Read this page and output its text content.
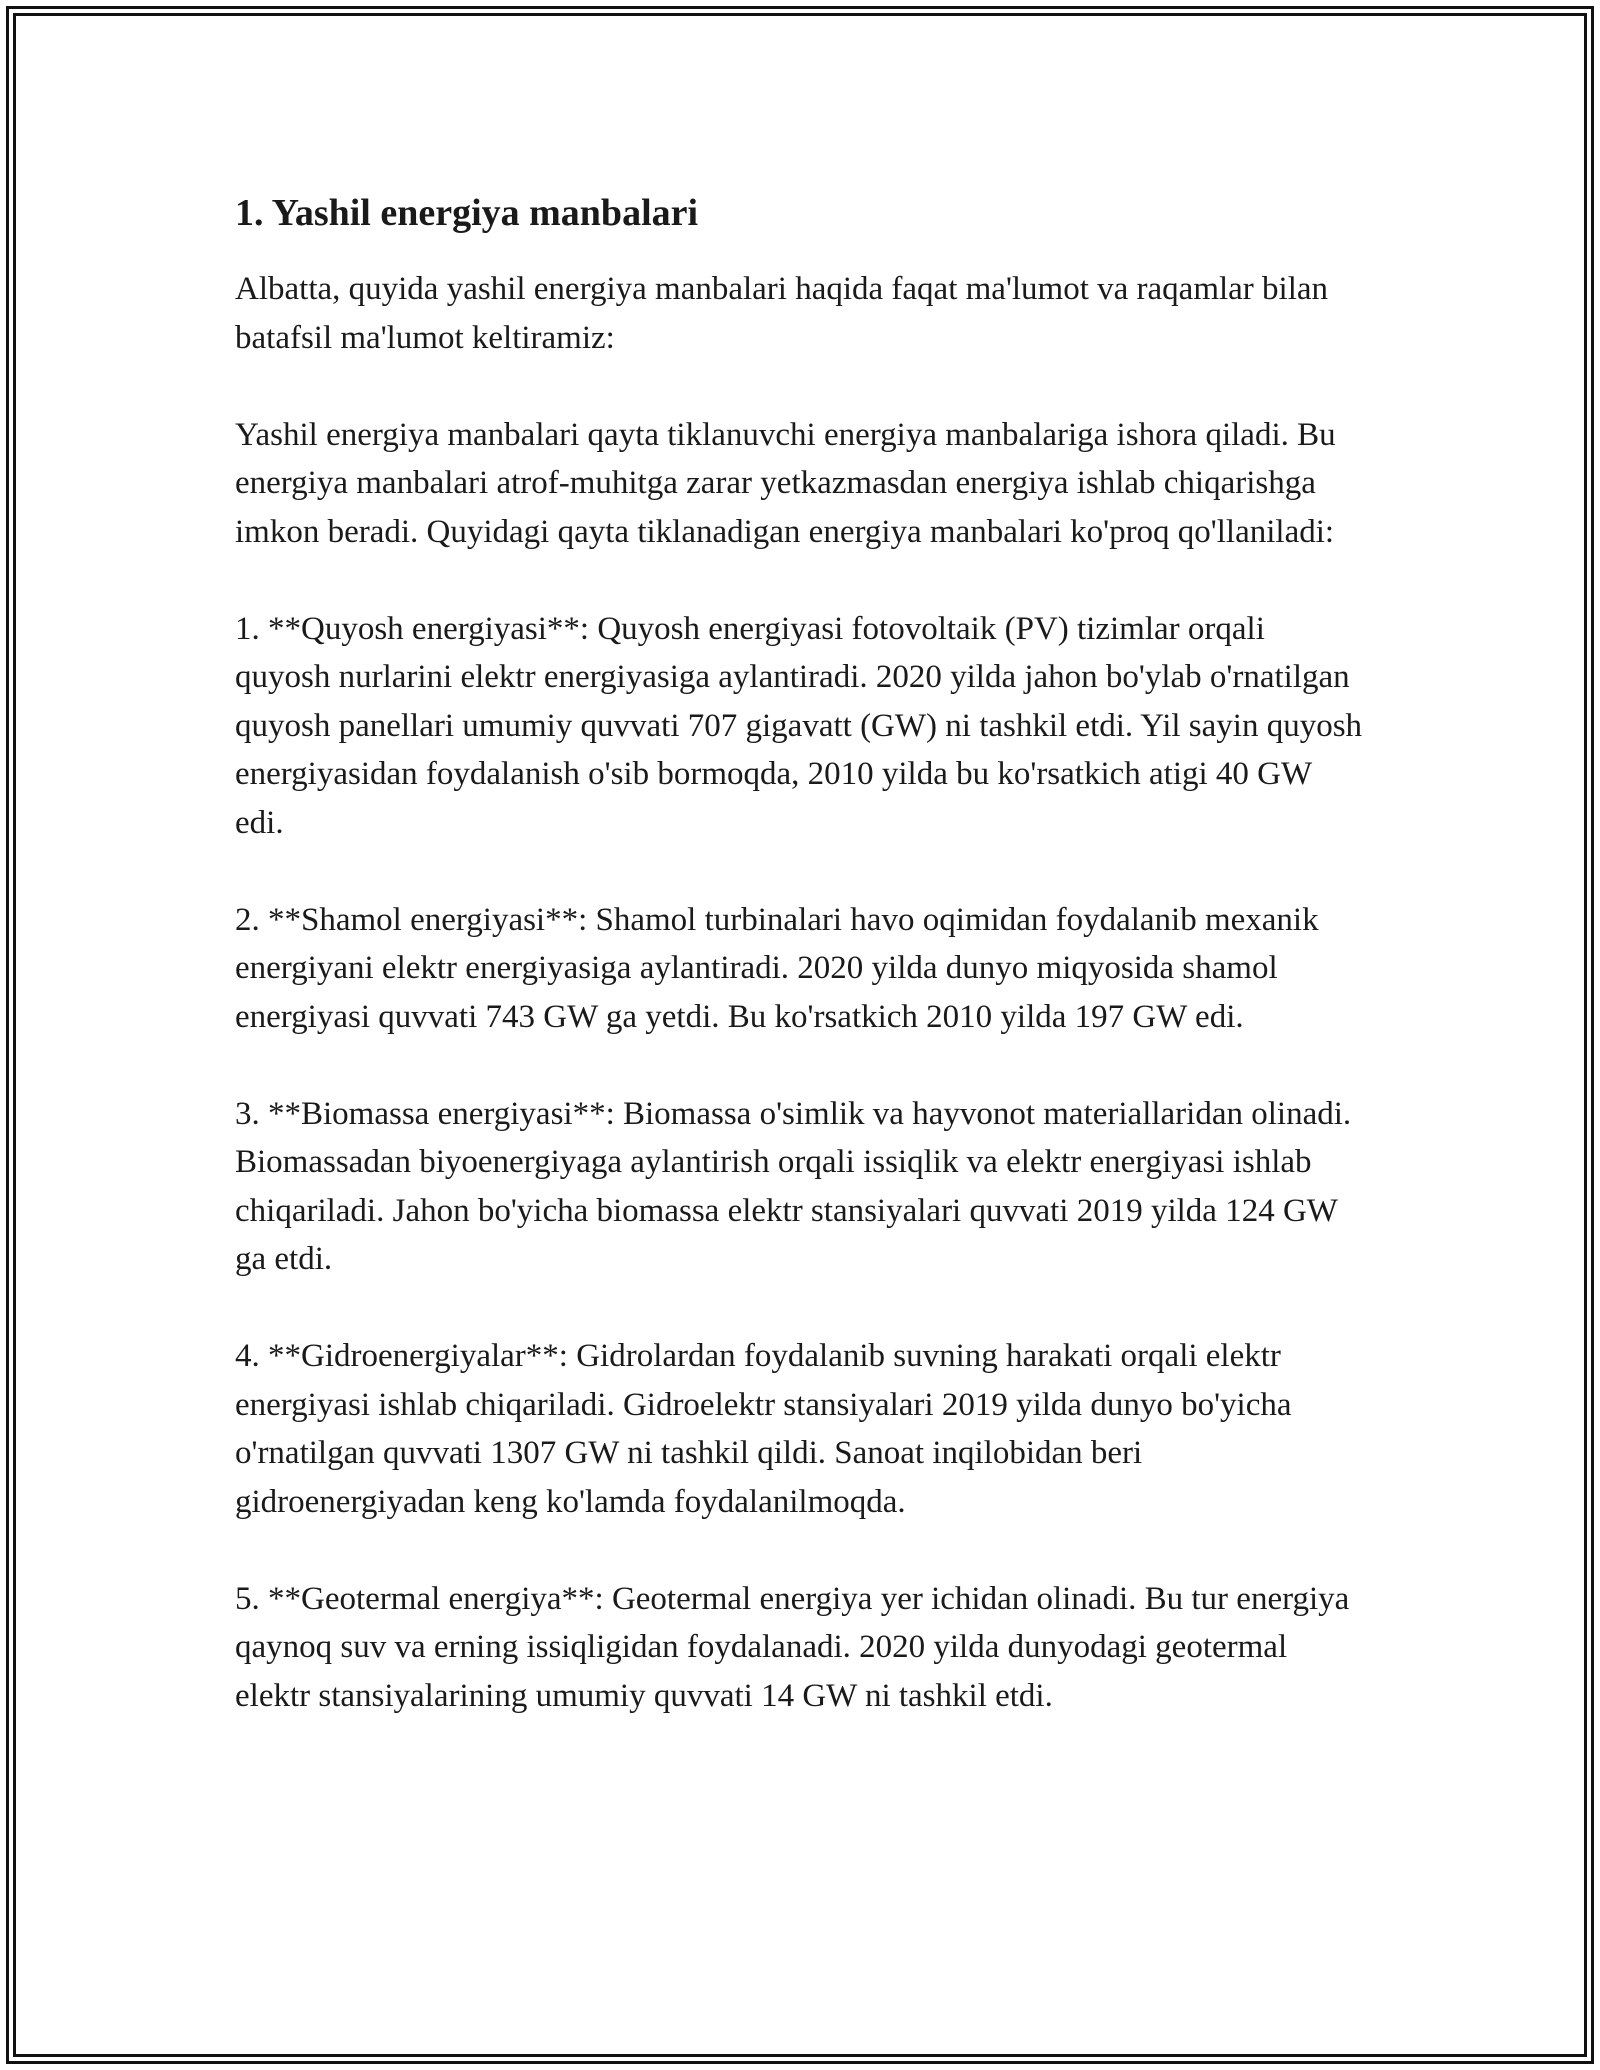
1. Yashil energiya manbalari

Albatta, quyida yashil energiya manbalari haqida faqat ma'lumot va raqamlar bilan batafsil ma'lumot keltiramiz:

Yashil energiya manbalari qayta tiklanuvchi energiya manbalariga ishora qiladi. Bu energiya manbalari atrof-muhitga zarar yetkazmasdan energiya ishlab chiqarishga imkon beradi. Quyidagi qayta tiklanadigan energiya manbalari ko'proq qo'llaniladi:

1. **Quyosh energiyasi**: Quyosh energiyasi fotovoltaik (PV) tizimlar orqali quyosh nurlarini elektr energiyasiga aylantiradi. 2020 yilda jahon bo'ylab o'rnatilgan quyosh panellari umumiy quvvati 707 gigavatt (GW) ni tashkil etdi. Yil sayin quyosh energiyasidan foydalanish o'sib bormoqda, 2010 yilda bu ko'rsatkich atigi 40 GW edi.

2. **Shamol energiyasi**: Shamol turbinalari havo oqimidan foydalanib mexanik energiyani elektr energiyasiga aylantiradi. 2020 yilda dunyo miqyosida shamol energiyasi quvvati 743 GW ga yetdi. Bu ko'rsatkich 2010 yilda 197 GW edi.

3. **Biomassa energiyasi**: Biomassa o'simlik va hayvonot materiallaridan olinadi. Biomassadan biyoenergiyaga aylantirish orqali issiqlik va elektr energiyasi ishlab chiqariladi. Jahon bo'yicha biomassa elektr stansiyalari quvvati 2019 yilda 124 GW ga etdi.

4. **Gidroenergiyalar**: Gidrolardan foydalanib suvning harakati orqali elektr energiyasi ishlab chiqariladi. Gidroelektr stansiyalari 2019 yilda dunyo bo'yicha o'rnatilgan quvvati 1307 GW ni tashkil qildi. Sanoat inqilobidan beri gidroenergiyadan keng ko'lamda foydalanilmoqda.

5. **Geotermal energiya**: Geotermal energiya yer ichidan olinadi. Bu tur energiya qaynoq suv va erning issiqligidan foydalanadi. 2020 yilda dunyodagi geotermal elektr stansiyalarining umumiy quvvati 14 GW ni tashkil etdi.
